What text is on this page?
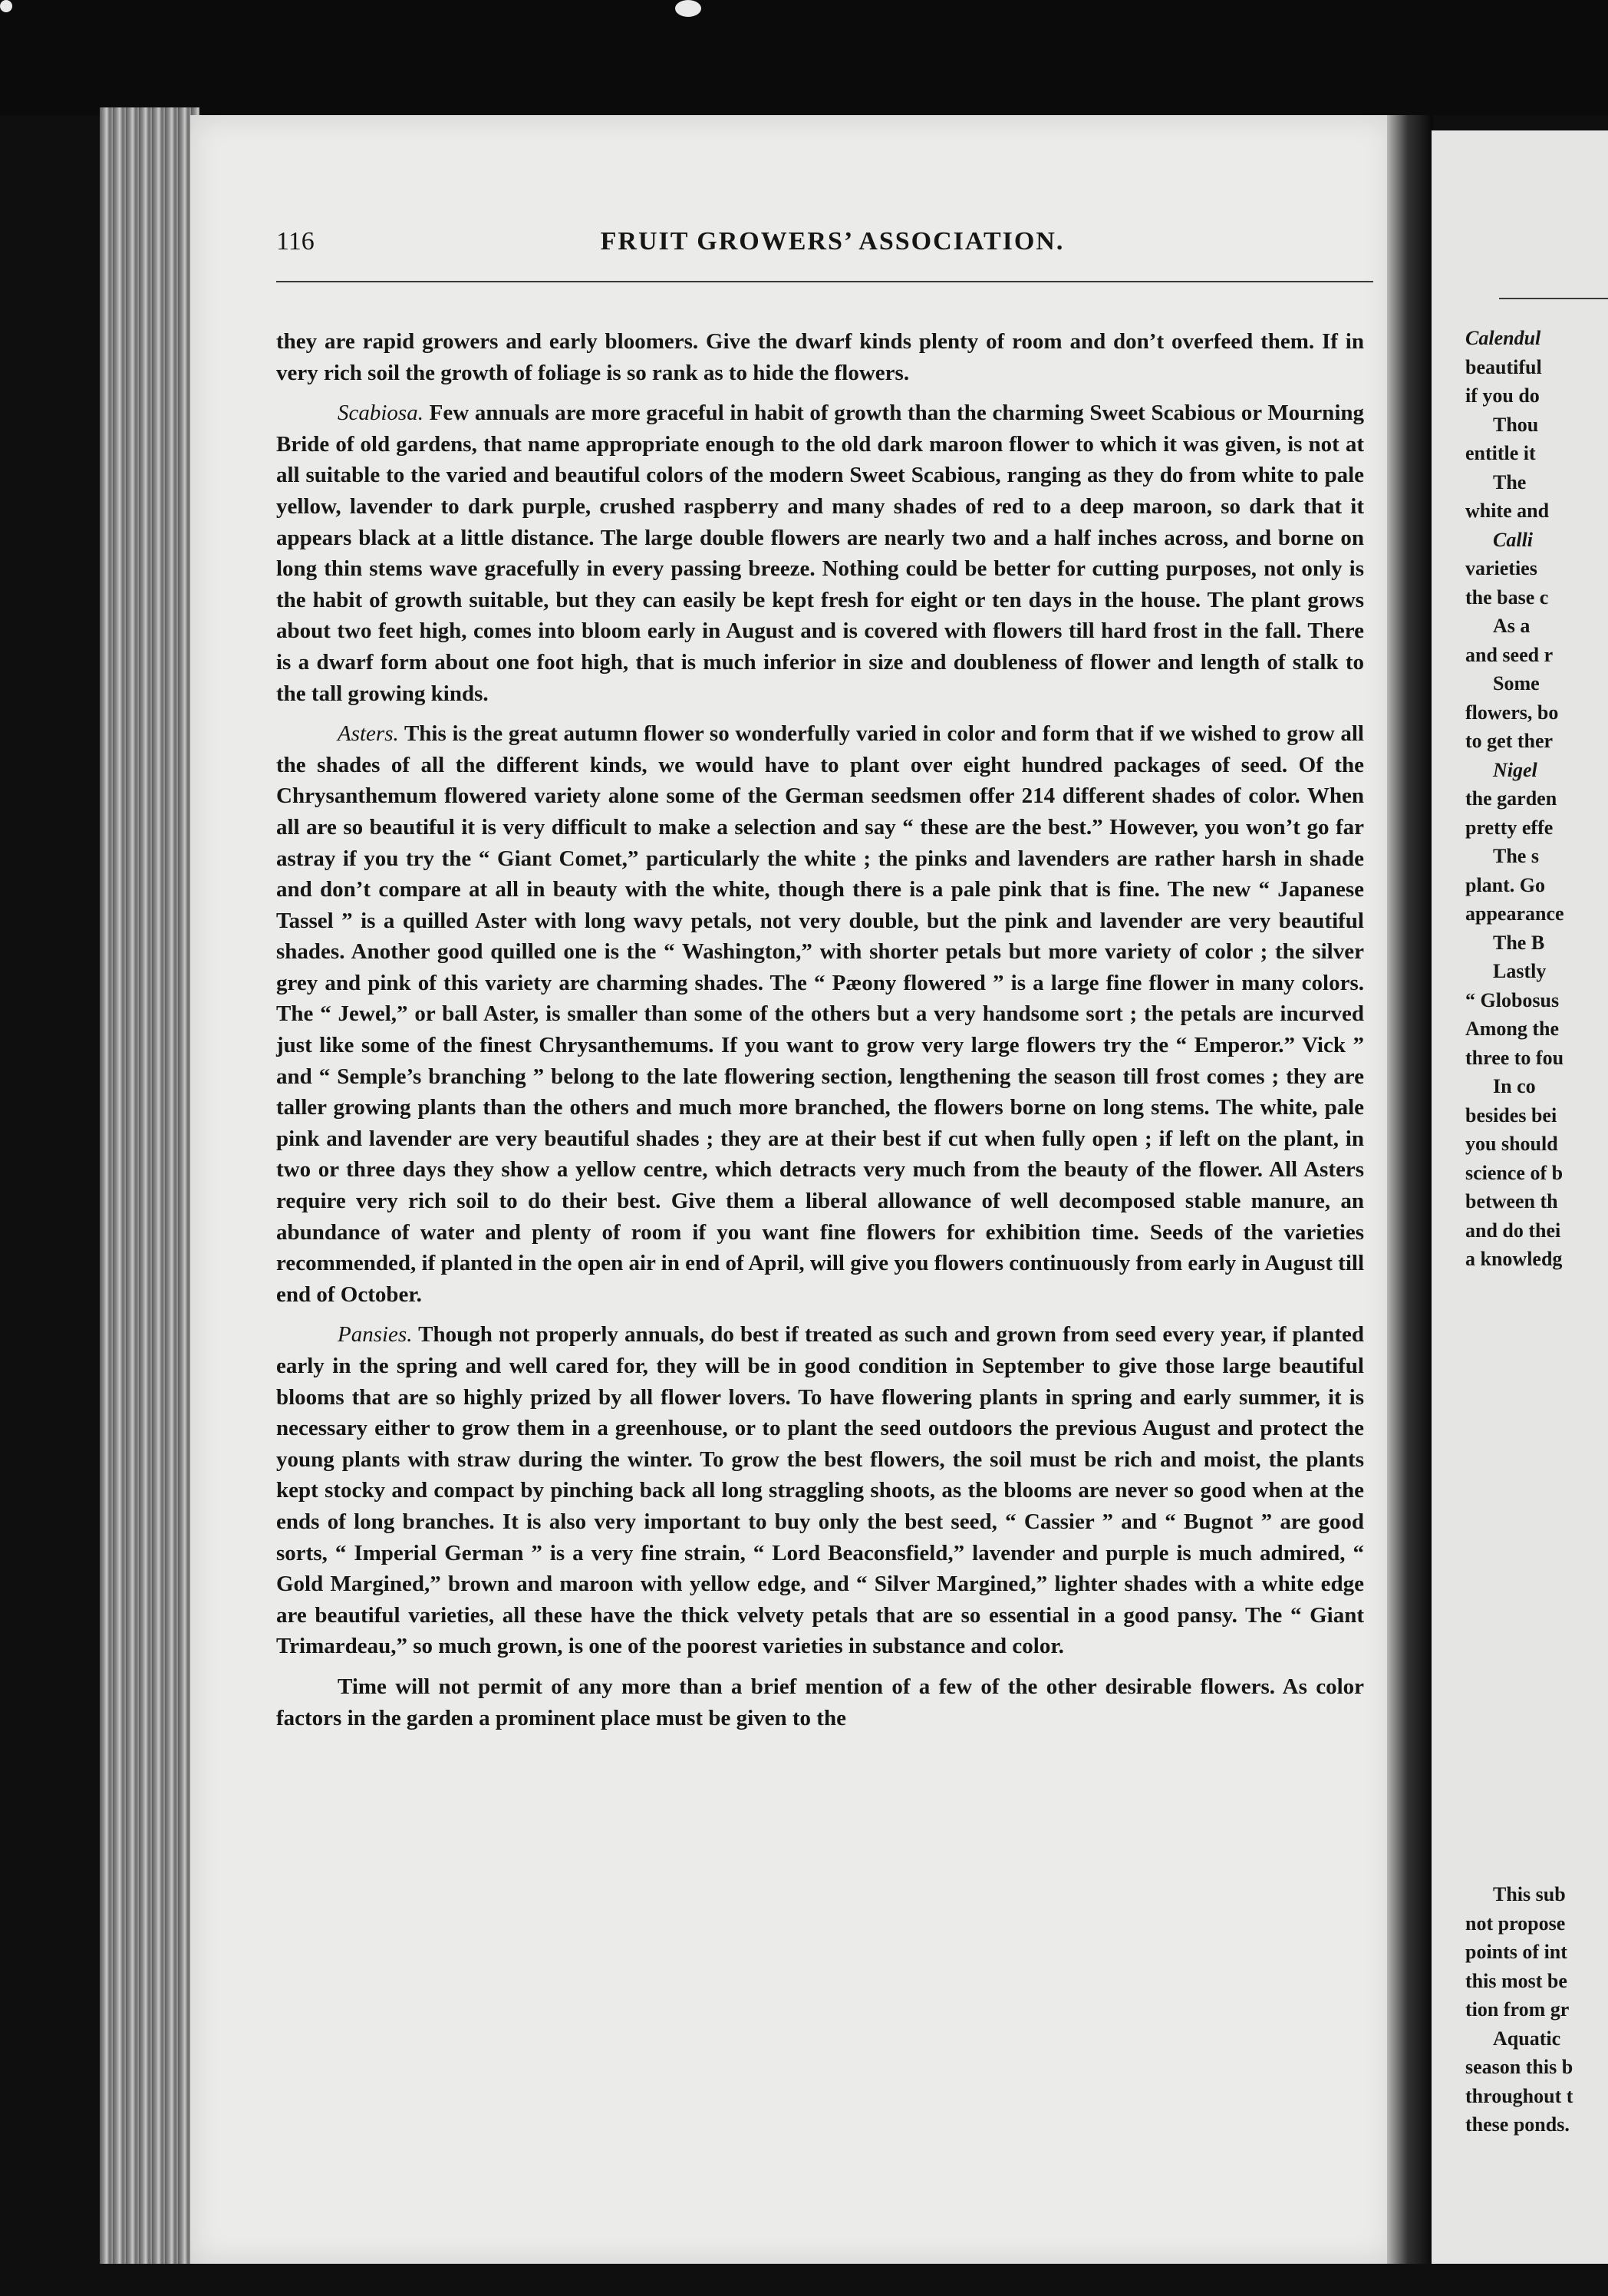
116	FRUIT GROWERS’ ASSOCIATION.

they are rapid growers and early bloomers. Give the dwarf kinds plenty of room and don’t overfeed them. If in very rich soil the growth of foliage is so rank as to hide the flowers.

Scabiosa. Few annuals are more graceful in habit of growth than the charming Sweet Scabious or Mourning Bride of old gardens, that name appropriate enough to the old dark maroon flower to which it was given, is not at all suitable to the varied and beautiful colors of the modern Sweet Scabious, ranging as they do from white to pale yellow, lavender to dark purple, crushed raspberry and many shades of red to a deep maroon, so dark that it appears black at a little distance. The large double flowers are nearly two and a half inches across, and borne on long thin stems wave gracefully in every passing breeze. Nothing could be better for cutting purposes, not only is the habit of growth suitable, but they can easily be kept fresh for eight or ten days in the house. The plant grows about two feet high, comes into bloom early in August and is covered with flowers till hard frost in the fall. There is a dwarf form about one foot high, that is much inferior in size and doubleness of flower and length of stalk to the tall growing kinds.

Asters. This is the great autumn flower so wonderfully varied in color and form that if we wished to grow all the shades of all the different kinds, we would have to plant over eight hundred packages of seed. Of the Chrysanthemum flowered variety alone some of the German seedsmen offer 214 different shades of color. When all are so beautiful it is very difficult to make a selection and say “ these are the best.” However, you won’t go far astray if you try the “ Giant Comet,” particularly the white ; the pinks and lavenders are rather harsh in shade and don’t compare at all in beauty with the white, though there is a pale pink that is fine. The new “ Japanese Tassel ” is a quilled Aster with long wavy petals, not very double, but the pink and lavender are very beautiful shades. Another good quilled one is the “ Washington,” with shorter petals but more variety of color ; the silver grey and pink of this variety are charming shades. The “ Pæony flowered ” is a large fine flower in many colors. The “ Jewel,” or ball Aster, is smaller than some of the others but a very handsome sort ; the petals are incurved just like some of the finest Chrysanthemums. If you want to grow very large flowers try the “ Emperor.” Vick ” and “ Semple’s branching ” belong to the late flowering section, lengthening the season till frost comes ; they are taller growing plants than the others and much more branched, the flowers borne on long stems. The white, pale pink and lavender are very beautiful shades ; they are at their best if cut when fully open ; if left on the plant, in two or three days they show a yellow centre, which detracts very much from the beauty of the flower. All Asters require very rich soil to do their best. Give them a liberal allowance of well decomposed stable manure, an abundance of water and plenty of room if you want fine flowers for exhibition time. Seeds of the varieties recommended, if planted in the open air in end of April, will give you flowers continuously from early in August till end of October.

Pansies. Though not properly annuals, do best if treated as such and grown from seed every year, if planted early in the spring and well cared for, they will be in good condition in September to give those large beautiful blooms that are so highly prized by all flower lovers. To have flowering plants in spring and early summer, it is necessary either to grow them in a greenhouse, or to plant the seed outdoors the previous August and protect the young plants with straw during the winter. To grow the best flowers, the soil must be rich and moist, the plants kept stocky and compact by pinching back all long straggling shoots, as the blooms are never so good when at the ends of long branches. It is also very important to buy only the best seed, “ Cassier ” and “ Bugnot ” are good sorts, “ Imperial German ” is a very fine strain, “ Lord Beaconsfield,” lavender and purple is much admired, “ Gold Margined,” brown and maroon with yellow edge, and “ Silver Margined,” lighter shades with a white edge are beautiful varieties, all these have the thick velvety petals that are so essential in a good pansy. The “ Giant Trimardeau,” so much grown, is one of the poorest varieties in substance and color.

Time will not permit of any more than a brief mention of a few of the other desirable flowers. As color factors in the garden a prominent place must be given to the

Calendul
beautiful
if you do
Thou
entitle it
The
white and
Calli
varieties
the base c
As a
and seed r
Some
flowers, bo
to get ther
Nigel
the garden
pretty effe
The s
plant. Go
appearance
The B
Lastly
“ Globosus
Among the
three to fou
In co
besides bei
you should
science of b
between th
and do thei
a knowledg
This sub
not propose
points of int
this most be
tion from gr
Aquatic
season this b
throughout t
these ponds.
